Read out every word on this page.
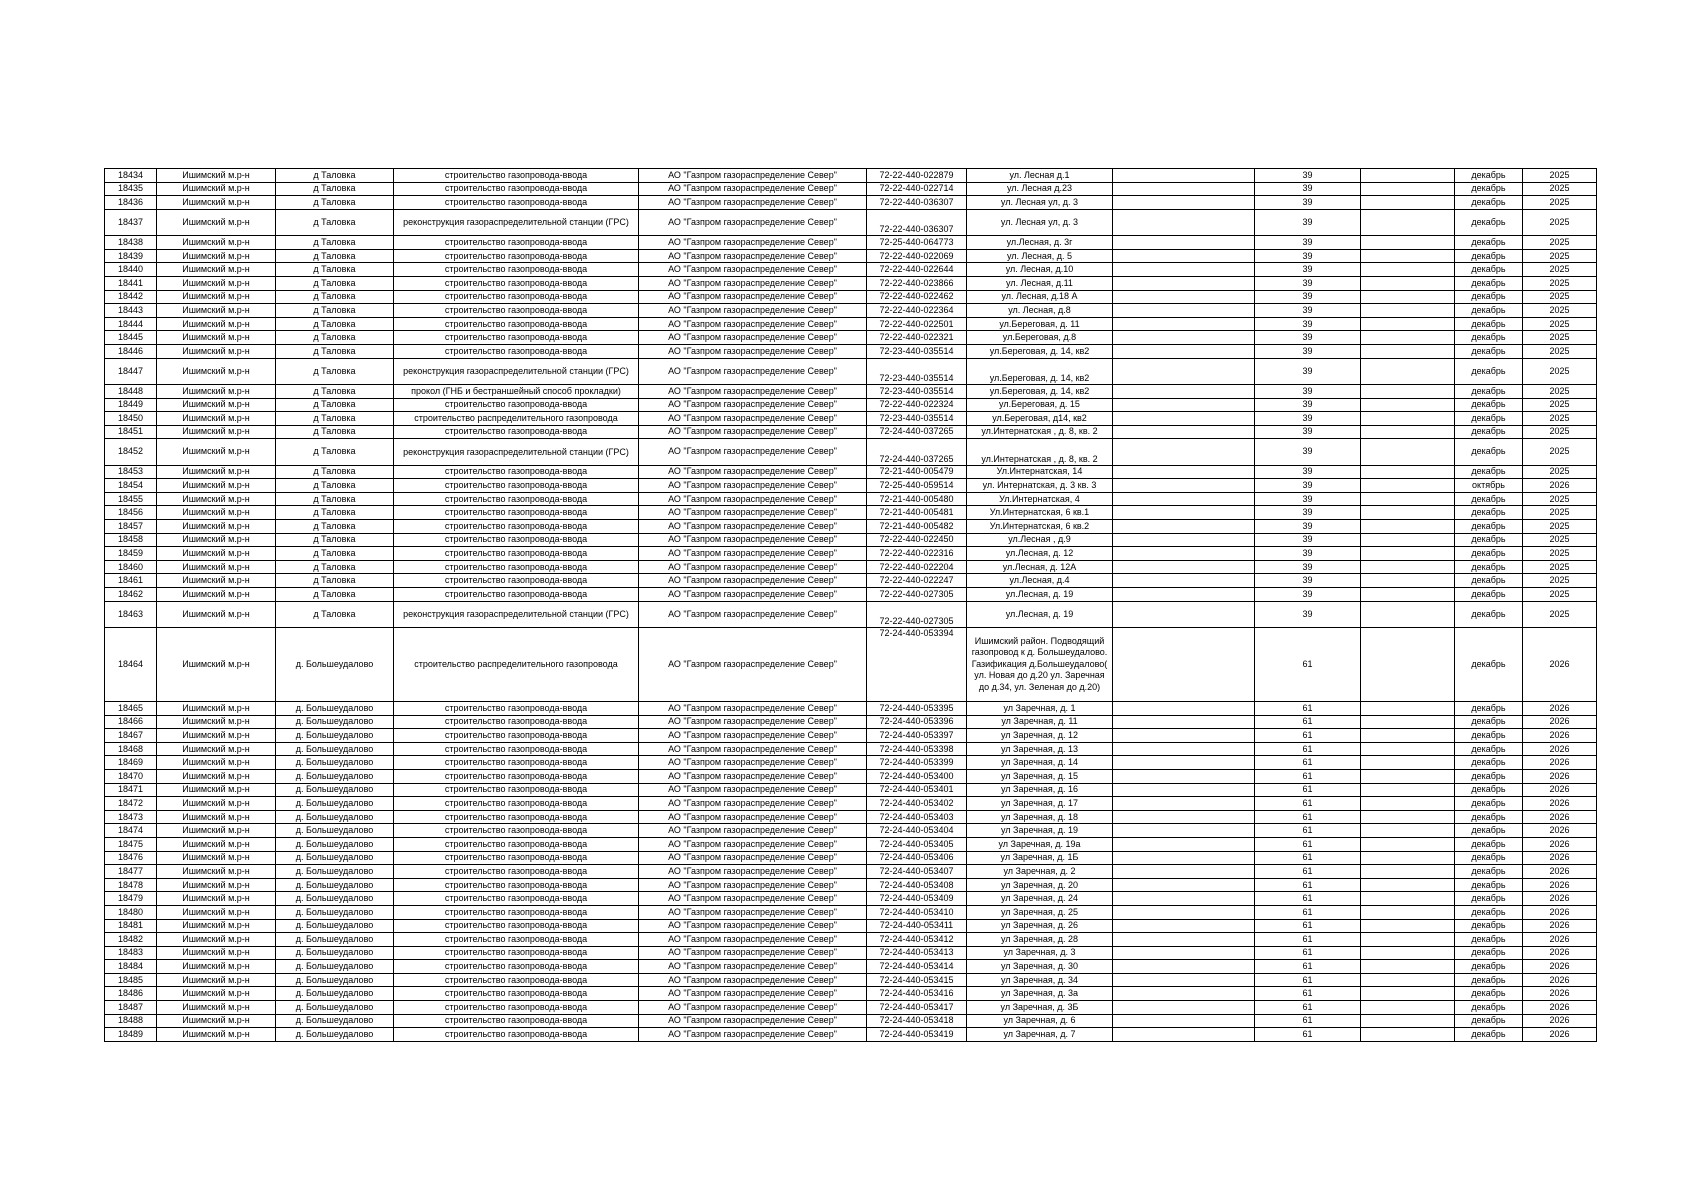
18434	Ишимский м.р-н	д Таловка	строительство газопровода-ввода	АО "Газпром газораспределение Север"	72-22-440-022879	ул. Лесная д.1		39		декабрь	2025
18435	Ишимский м.р-н	д Таловка	строительство газопровода-ввода	АО "Газпром газораспределение Север"	72-22-440-022714	ул. Лесная д.23		39		декабрь	2025
18436	Ишимский м.р-н	д Таловка	строительство газопровода-ввода	АО "Газпром газораспределение Север"	72-22-440-036307	ул. Лесная ул, д. 3		39		декабрь	2025
18437	Ишимский м.р-н	д Таловка	реконструкция газораспределительной станции (ГРС)	АО "Газпром газораспределение Север"	72-22-440-036307	ул. Лесная ул, д. 3		39		декабрь	2025
18438	Ишимский м.р-н	д Таловка	строительство газопровода-ввода	АО "Газпром газораспределение Север"	72-25-440-064773	ул.Лесная, д. 3г		39		декабрь	2025
18439	Ишимский м.р-н	д Таловка	строительство газопровода-ввода	АО "Газпром газораспределение Север"	72-22-440-022069	ул. Лесная, д. 5		39		декабрь	2025
18440	Ишимский м.р-н	д Таловка	строительство газопровода-ввода	АО "Газпром газораспределение Север"	72-22-440-022644	ул. Лесная, д.10		39		декабрь	2025
18441	Ишимский м.р-н	д Таловка	строительство газопровода-ввода	АО "Газпром газораспределение Север"	72-22-440-023866	ул. Лесная, д.11		39		декабрь	2025
18442	Ишимский м.р-н	д Таловка	строительство газопровода-ввода	АО "Газпром газораспределение Север"	72-22-440-022462	ул. Лесная, д.18 А		39		декабрь	2025
18443	Ишимский м.р-н	д Таловка	строительство газопровода-ввода	АО "Газпром газораспределение Север"	72-22-440-022364	ул. Лесная, д.8		39		декабрь	2025
18444	Ишимский м.р-н	д Таловка	строительство газопровода-ввода	АО "Газпром газораспределение Север"	72-22-440-022501	ул.Береговая, д. 11		39		декабрь	2025
18445	Ишимский м.р-н	д Таловка	строительство газопровода-ввода	АО "Газпром газораспределение Север"	72-22-440-022321	ул.Береговая, д.8		39		декабрь	2025
18446	Ишимский м.р-н	д Таловка	строительство газопровода-ввода	АО "Газпром газораспределение Север"	72-23-440-035514	ул.Береговая, д. 14, кв2		39		декабрь	2025
18447	Ишимский м.р-н	д Таловка	реконструкция газораспределительной станции (ГРС)	АО "Газпром газораспределение Север"	72-23-440-035514	ул.Береговая, д. 14, кв2		39		декабрь	2025
18448	Ишимский м.р-н	д Таловка	прокол (ГНБ и бестраншейный способ прокладки)	АО "Газпром газораспределение Север"	72-23-440-035514	ул.Береговая, д. 14, кв2		39		декабрь	2025
18449	Ишимский м.р-н	д Таловка	строительство газопровода-ввода	АО "Газпром газораспределение Север"	72-22-440-022324	ул.Береговая, д. 15		39		декабрь	2025
18450	Ишимский м.р-н	д Таловка	строительство распределительного газопровода	АО "Газпром газораспределение Север"	72-23-440-035514	ул.Береговая, д14, кв2		39		декабрь	2025
18451	Ишимский м.р-н	д Таловка	строительство газопровода-ввода	АО "Газпром газораспределение Север"	72-24-440-037265	ул.Интернатская , д. 8, кв. 2		39		декабрь	2025
18452	Ишимский м.р-н	д Таловка	реконструкция газораспределительной станции (ГРС)	АО "Газпром газораспределение Север"	72-24-440-037265	ул.Интернатская , д. 8, кв. 2		39		декабрь	2025
18453	Ишимский м.р-н	д Таловка	строительство газопровода-ввода	АО "Газпром газораспределение Север"	72-21-440-005479	Ул.Интернатская, 14		39		декабрь	2025
18454	Ишимский м.р-н	д Таловка	строительство газопровода-ввода	АО "Газпром газораспределение Север"	72-25-440-059514	ул. Интернатская, д. 3 кв. 3		39		октябрь	2026
18455	Ишимский м.р-н	д Таловка	строительство газопровода-ввода	АО "Газпром газораспределение Север"	72-21-440-005480	Ул.Интернатская, 4		39		декабрь	2025
18456	Ишимский м.р-н	д Таловка	строительство газопровода-ввода	АО "Газпром газораспределение Север"	72-21-440-005481	Ул.Интернатская, 6 кв.1		39		декабрь	2025
18457	Ишимский м.р-н	д Таловка	строительство газопровода-ввода	АО "Газпром газораспределение Север"	72-21-440-005482	Ул.Интернатская, 6 кв.2		39		декабрь	2025
18458	Ишимский м.р-н	д Таловка	строительство газопровода-ввода	АО "Газпром газораспределение Север"	72-22-440-022450	ул.Лесная , д.9		39		декабрь	2025
18459	Ишимский м.р-н	д Таловка	строительство газопровода-ввода	АО "Газпром газораспределение Север"	72-22-440-022316	ул.Лесная, д. 12		39		декабрь	2025
18460	Ишимский м.р-н	д Таловка	строительство газопровода-ввода	АО "Газпром газораспределение Север"	72-22-440-022204	ул.Лесная, д. 12А		39		декабрь	2025
18461	Ишимский м.р-н	д Таловка	строительство газопровода-ввода	АО "Газпром газораспределение Север"	72-22-440-022247	ул.Лесная, д.4		39		декабрь	2025
18462	Ишимский м.р-н	д Таловка	строительство газопровода-ввода	АО "Газпром газораспределение Север"	72-22-440-027305	ул.Лесная, д. 19		39		декабрь	2025
18463	Ишимский м.р-н	д Таловка	реконструкция газораспределительной станции (ГРС)	АО "Газпром газораспределение Север"	72-22-440-027305	ул.Лесная, д. 19		39		декабрь	2025
18464	Ишимский м.р-н	д. Большеудалово	строительство распределительного газопровода	АО "Газпром газораспределение Север"	72-24-440-053394	Ишимский район. Подводящий газопровод к д. Большеудалово. Газификация д.Большеудалово( ул. Новая до д.20 ул. Заречная до д.34, ул. Зеленая до д.20)		61		декабрь	2026
18465	Ишимский м.р-н	д. Большеудалово	строительство газопровода-ввода	АО "Газпром газораспределение Север"	72-24-440-053395	ул Заречная, д. 1		61		декабрь	2026
18466	Ишимский м.р-н	д. Большеудалово	строительство газопровода-ввода	АО "Газпром газораспределение Север"	72-24-440-053396	ул Заречная, д. 11		61		декабрь	2026
18467	Ишимский м.р-н	д. Большеудалово	строительство газопровода-ввода	АО "Газпром газораспределение Север"	72-24-440-053397	ул Заречная, д. 12		61		декабрь	2026
18468	Ишимский м.р-н	д. Большеудалово	строительство газопровода-ввода	АО "Газпром газораспределение Север"	72-24-440-053398	ул Заречная, д. 13		61		декабрь	2026
18469	Ишимский м.р-н	д. Большеудалово	строительство газопровода-ввода	АО "Газпром газораспределение Север"	72-24-440-053399	ул Заречная, д. 14		61		декабрь	2026
18470	Ишимский м.р-н	д. Большеудалово	строительство газопровода-ввода	АО "Газпром газораспределение Север"	72-24-440-053400	ул Заречная, д. 15		61		декабрь	2026
18471	Ишимский м.р-н	д. Большеудалово	строительство газопровода-ввода	АО "Газпром газораспределение Север"	72-24-440-053401	ул Заречная, д. 16		61		декабрь	2026
18472	Ишимский м.р-н	д. Большеудалово	строительство газопровода-ввода	АО "Газпром газораспределение Север"	72-24-440-053402	ул Заречная, д. 17		61		декабрь	2026
18473	Ишимский м.р-н	д. Большеудалово	строительство газопровода-ввода	АО "Газпром газораспределение Север"	72-24-440-053403	ул Заречная, д. 18		61		декабрь	2026
18474	Ишимский м.р-н	д. Большеудалово	строительство газопровода-ввода	АО "Газпром газораспределение Север"	72-24-440-053404	ул Заречная, д. 19		61		декабрь	2026
18475	Ишимский м.р-н	д. Большеудалово	строительство газопровода-ввода	АО "Газпром газораспределение Север"	72-24-440-053405	ул Заречная, д. 19а		61		декабрь	2026
18476	Ишимский м.р-н	д. Большеудалово	строительство газопровода-ввода	АО "Газпром газораспределение Север"	72-24-440-053406	ул Заречная, д. 1Б		61		декабрь	2026
18477	Ишимский м.р-н	д. Большеудалово	строительство газопровода-ввода	АО "Газпром газораспределение Север"	72-24-440-053407	ул Заречная, д. 2		61		декабрь	2026
18478	Ишимский м.р-н	д. Большеудалово	строительство газопровода-ввода	АО "Газпром газораспределение Север"	72-24-440-053408	ул Заречная, д. 20		61		декабрь	2026
18479	Ишимский м.р-н	д. Большеудалово	строительство газопровода-ввода	АО "Газпром газораспределение Север"	72-24-440-053409	ул Заречная, д. 24		61		декабрь	2026
18480	Ишимский м.р-н	д. Большеудалово	строительство газопровода-ввода	АО "Газпром газораспределение Север"	72-24-440-053410	ул Заречная, д. 25		61		декабрь	2026
18481	Ишимский м.р-н	д. Большеудалово	строительство газопровода-ввода	АО "Газпром газораспределение Север"	72-24-440-053411	ул Заречная, д. 26		61		декабрь	2026
18482	Ишимский м.р-н	д. Большеудалово	строительство газопровода-ввода	АО "Газпром газораспределение Север"	72-24-440-053412	ул Заречная, д. 28		61		декабрь	2026
18483	Ишимский м.р-н	д. Большеудалово	строительство газопровода-ввода	АО "Газпром газораспределение Север"	72-24-440-053413	ул Заречная, д. 3		61		декабрь	2026
18484	Ишимский м.р-н	д. Большеудалово	строительство газопровода-ввода	АО "Газпром газораспределение Север"	72-24-440-053414	ул Заречная, д. 30		61		декабрь	2026
18485	Ишимский м.р-н	д. Большеудалово	строительство газопровода-ввода	АО "Газпром газораспределение Север"	72-24-440-053415	ул Заречная, д. 34		61		декабрь	2026
18486	Ишимский м.р-н	д. Большеудалово	строительство газопровода-ввода	АО "Газпром газораспределение Север"	72-24-440-053416	ул Заречная, д. 3а		61		декабрь	2026
18487	Ишимский м.р-н	д. Большеудалово	строительство газопровода-ввода	АО "Газпром газораспределение Север"	72-24-440-053417	ул Заречная, д. 3Б		61		декабрь	2026
18488	Ишимский м.р-н	д. Большеудалово	строительство газопровода-ввода	АО "Газпром газораспределение Север"	72-24-440-053418	ул Заречная, д. 6		61		декабрь	2026
18489	Ишимский м.р-н	д. Большеудалово	строительство газопровода-ввода	АО "Газпром газораспределение Север"	72-24-440-053419	ул Заречная, д. 7		61		декабрь	2026
